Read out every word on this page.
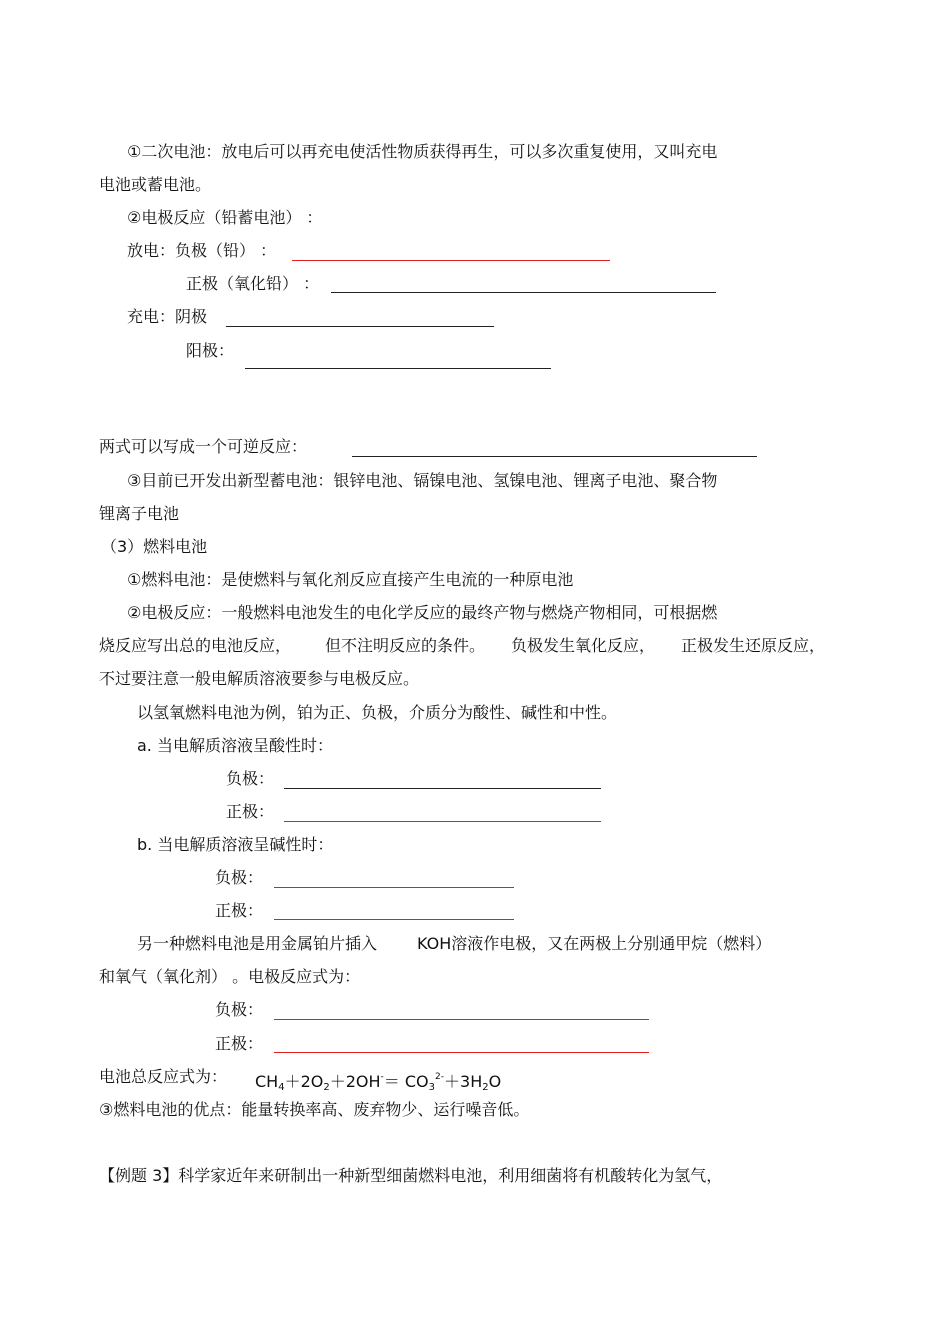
①二次电池：放电后可以再充电使活性物质获得再生，可以多次重复使用，又叫充电
电池或蓄电池。
②电极反应（铅蓄电池） ：
放电：负极（铅） ：
正极（氧化铅） ：
充电：阴极
阳极：
两式可以写成一个可逆反应：
③目前已开发出新型蓄电池：银锌电池、镉镍电池、氢镍电池、锂离子电池、聚合物
锂离子电池
（3）燃料电池
①燃料电池：是使燃料与氧化剂反应直接产生电流的一种原电池
②电极反应：一般燃料电池发生的电化学反应的最终产物与燃烧产物相同，可根据燃
烧反应写出总的电池反应， 但不注明反应的条件。 负极发生氧化反应， 正极发生还原反应，
不过要注意一般电解质溶液要参与电极反应。
以氢氧燃料电池为例，铂为正、负极，介质分为酸性、碱性和中性。
a. 当电解质溶液呈酸性时：
负极：
正极：
b. 当电解质溶液呈碱性时：
负极：
正极：
另一种燃料电池是用金属铂片插入	KOH溶液作电极，又在两极上分别通甲烷（燃料）
和氧气（氧化剂） 。电极反应式为：
负极：
正极：
电池总反应式为： $CH_4+2O_2+2OH^-= CO_3^{2-}+3H_2O$
③燃料电池的优点：能量转换率高、废弃物少、运行噪音低。
【例题 3】科学家近年来研制出一种新型细菌燃料电池，利用细菌将有机酸转化为氢气，
